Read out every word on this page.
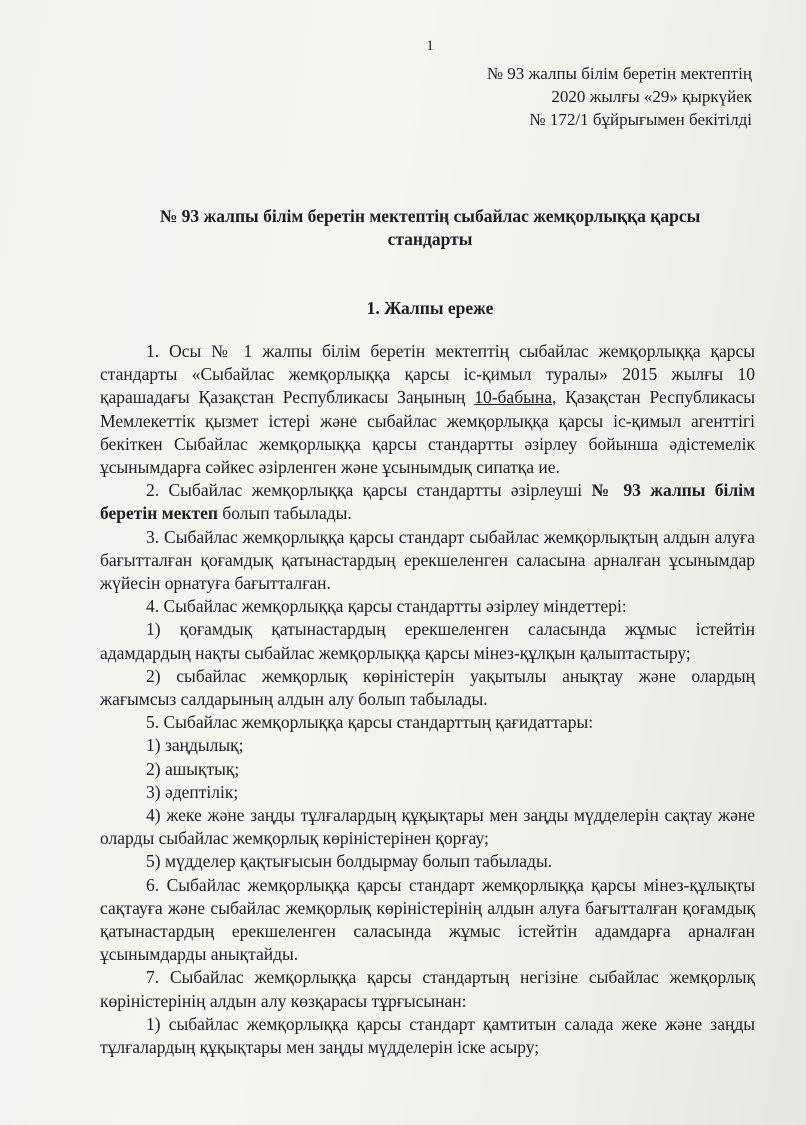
1
№ 93 жалпы білім беретін мектептің
2020 жылғы «29» қыркүйек
№ 172/1 бұйрығымен бекітілді
№ 93 жалпы білім беретін мектептің сыбайлас жемқорлыққа қарсы
стандарты
1. Жалпы ереже

1. Осы № 1 жалпы білім беретін мектептің сыбайлас жемқорлыққа қарсы стандарты «Сыбайлас жемқорлыққа қарсы іс-қимыл туралы» 2015 жылғы 10 қарашадағы Қазақстан Республикасы Заңының 10-бабына, Қазақстан Республикасы Мемлекеттік қызмет істері және сыбайлас жемқорлыққа қарсы іс-қимыл агенттігі бекіткен Сыбайлас жемқорлыққа қарсы стандартты әзірлеу бойынша әдістемелік ұсынымдарға сәйкес әзірленген және ұсынымдық сипатқа ие.

2. Сыбайлас жемқорлыққа қарсы стандартты әзірлеуші № 93 жалпы білім беретін мектеп болып табылады.

3. Сыбайлас жемқорлыққа қарсы стандарт сыбайлас жемқорлықтың алдын алуға бағытталған қоғамдық қатынастардың ерекшеленген саласына арналған ұсынымдар жүйесін орнатуға бағытталған.

4. Сыбайлас жемқорлыққа қарсы стандартты әзірлеу міндеттері:

1) қоғамдық қатынастардың ерекшеленген саласында жұмыс істейтін адамдардың нақты сыбайлас жемқорлыққа қарсы мінез-құлқын қалыптастыру;

2) сыбайлас жемқорлық көріністерін уақытылы анықтау және олардың жағымсыз салдарының алдын алу болып табылады.

5. Сыбайлас жемқорлыққа қарсы стандарттың қағидаттары:

1) заңдылық;

2) ашықтық;

3) әдептілік;

4) жеке және заңды тұлғалардың құқықтары мен заңды мүдделерін сақтау және оларды сыбайлас жемқорлық көріністерінен қорғау;

5) мүдделер қақтығысын болдырмау болып табылады.

6. Сыбайлас жемқорлыққа қарсы стандарт жемқорлыққа қарсы мінез-құлықты сақтауға және сыбайлас жемқорлық көріністерінің алдын алуға бағытталған қоғамдық қатынастардың ерекшеленген саласында жұмыс істейтін адамдарға арналған ұсынымдарды анықтайды.

7. Сыбайлас жемқорлыққа қарсы стандартың негізіне сыбайлас жемқорлық көріністерінің алдын алу көзқарасы тұрғысынан:

1) сыбайлас жемқорлыққа қарсы стандарт қамтитын салада жеке және заңды тұлғалардың құқықтары мен заңды мүдделерін іске асыру;
